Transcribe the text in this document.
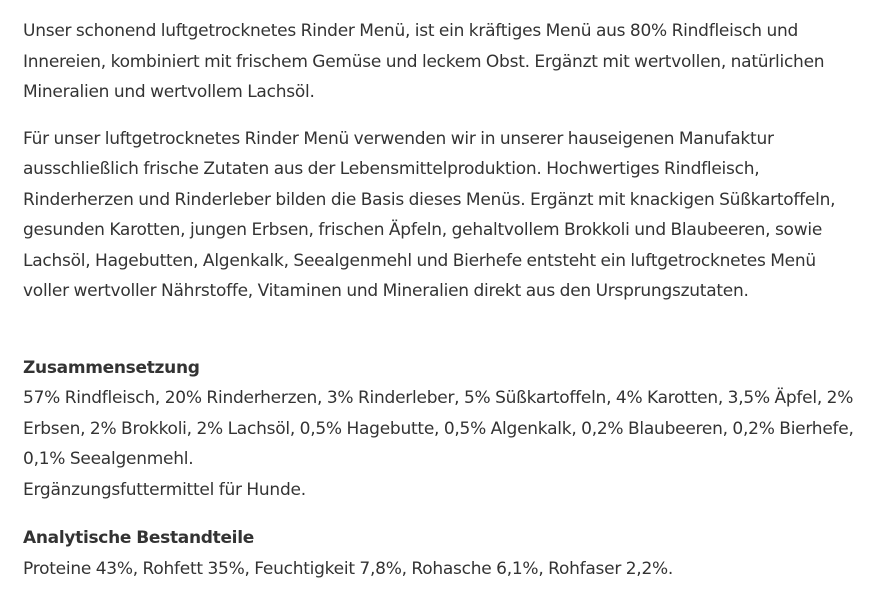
Unser schonend luftgetrocknetes Rinder Menü, ist ein kräftiges Menü aus 80% Rindfleisch und
Innereien, kombiniert mit frischem Gemüse und leckem Obst. Ergänzt mit wertvollen, natürlichen
Mineralien und wertvollem Lachsöl.

Für unser luftgetrocknetes Rinder Menü verwenden wir in unserer hauseigenen Manufaktur
ausschließlich frische Zutaten aus der Lebensmittelproduktion. Hochwertiges Rindfleisch,
Rinderherzen und Rinderleber bilden die Basis dieses Menüs. Ergänzt mit knackigen Süßkartoffeln,
gesunden Karotten, jungen Erbsen, frischen Äpfeln, gehaltvollem Brokkoli und Blaubeeren, sowie
Lachsöl, Hagebutten, Algenkalk, Seealgenmehl und Bierhefe entsteht ein luftgetrocknetes Menü
voller wertvoller Nährstoffe, Vitaminen und Mineralien direkt aus den Ursprungszutaten.

Zusammensetzung

57% Rindfleisch, 20% Rinderherzen, 3% Rinderleber, 5% Süßkartoffeln, 4% Karotten, 3,5% Äpfel, 2%
Erbsen, 2% Brokkoli, 2% Lachsöl, 0,5% Hagebutte, 0,5% Algenkalk, 0,2% Blaubeeren, 0,2% Bierhefe,
0,1% Seealgenmehl.
Ergänzungsfuttermittel für Hunde.

Analytische Bestandteile

Proteine 43%, Rohfett 35%, Feuchtigkeit 7,8%, Rohasche 6,1%, Rohfaser 2,2%.
